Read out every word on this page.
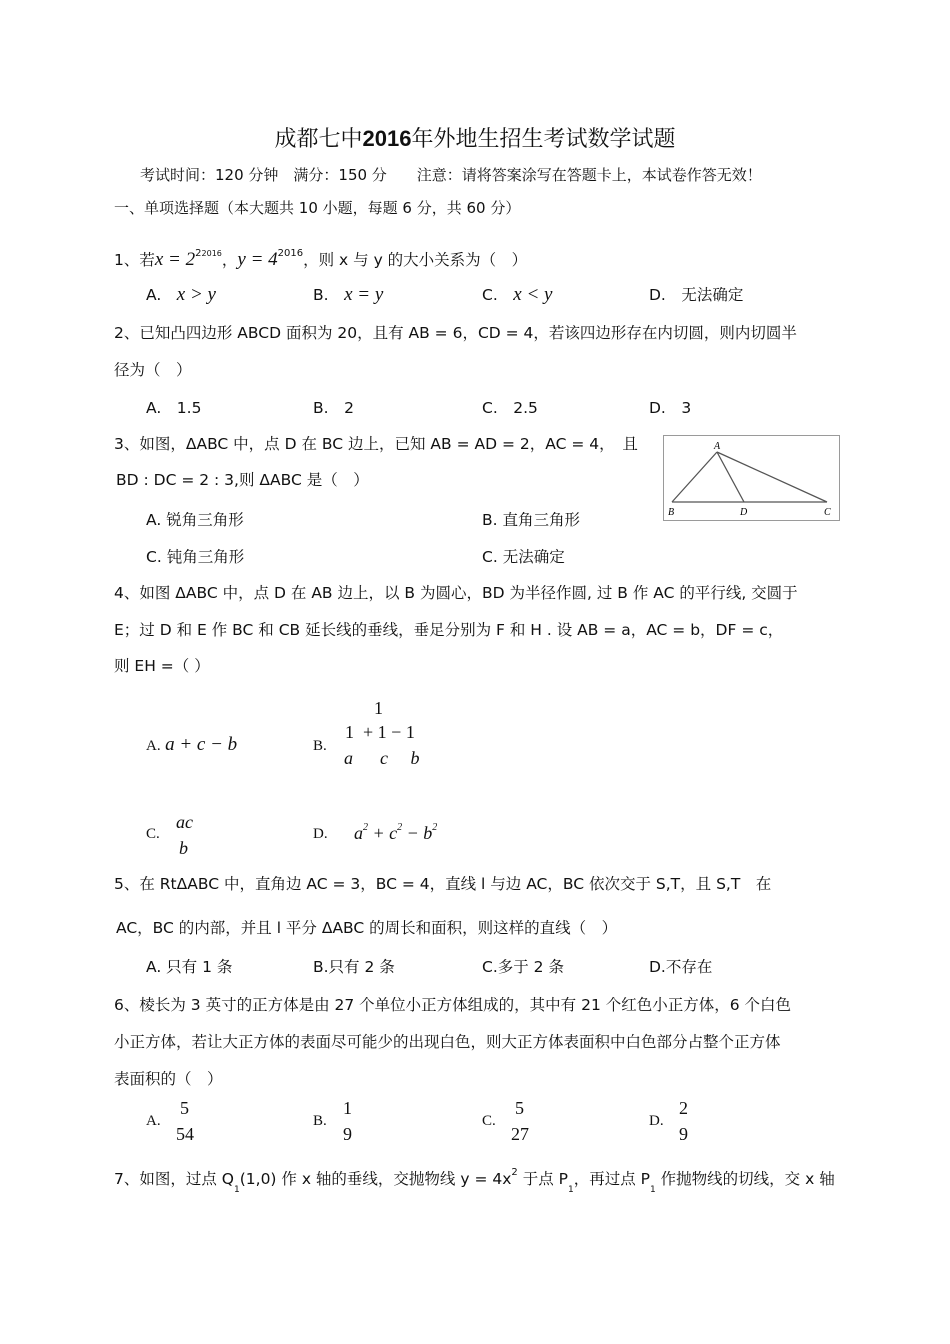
成都七中2016年外地生招生考试数学试题
考试时间：120 分钟　满分：150 分　　注意：请将答案涂写在答题卡上，本试卷作答无效！
一、单项选择题（本大题共 10 小题，每题 6 分，共 60 分）
1、若$x = 2^{22016}$，$y = 4^{2016}$，则 x 与 y 的大小关系为（　）
A.　 x > y	B.　 x = y	C.　 x < y	D.　 无法确定
2、已知凸四边形 ABCD 面积为 20，且有 AB = 6，CD = 4，若该四边形存在内切圆，则内切圆半
径为（　）
A.　 1.5	B.　 2	C.　 2.5	D.　 3
3、如图，ΔABC 中，点 D 在 BC 边上，已知 AB = AD = 2，AC = 4，　且
BD : DC = 2 : 3,则 ΔABC 是（　）
A. 锐角三角形	B. 直角三角形
C. 钝角三角形	C. 无法确定
A
B	D	C
4、如图 ΔABC 中，点 D 在 AB 边上，以 B 为圆心，BD 为半径作圆, 过 B 作 AC 的平行线, 交圆于
E；过 D 和 E 作 BC 和 CB 延长线的垂线，垂足分别为 F 和 H . 设 AB = a，AC = b，DF = c，
则 EH =（ ）
A. a + c − b	B.
1
1 + 1 − 1
a c b
C.
ac
b
D. $a^2 + c^2 - b^2$
5、在 RtΔABC 中，直角边 AC = 3，BC = 4，直线 l 与边 AC，BC 依次交于 S,T，且 S,T　在
AC，BC 的内部，并且 l 平分 ΔABC 的周长和面积，则这样的直线（　）
A. 只有 1 条	B.只有 2 条	C.多于 2 条	D.不存在
6、棱长为 3 英寸的正方体是由 27 个单位小正方体组成的，其中有 21 个红色小正方体，6 个白色
小正方体，若让大正方体的表面尽可能少的出现白色，则大正方体表面积中白色部分占整个正方体
表面积的（　）
A.
5
54
B.
1
9
C.
5
27
D.
2
9
7、如图，过点 $Q_1(1,0)$ 作 x 轴的垂线，交抛物线 $y = 4x^2$ 于点 $P_1$，再过点 $P_1$ 作抛物线的切线，交 x 轴
